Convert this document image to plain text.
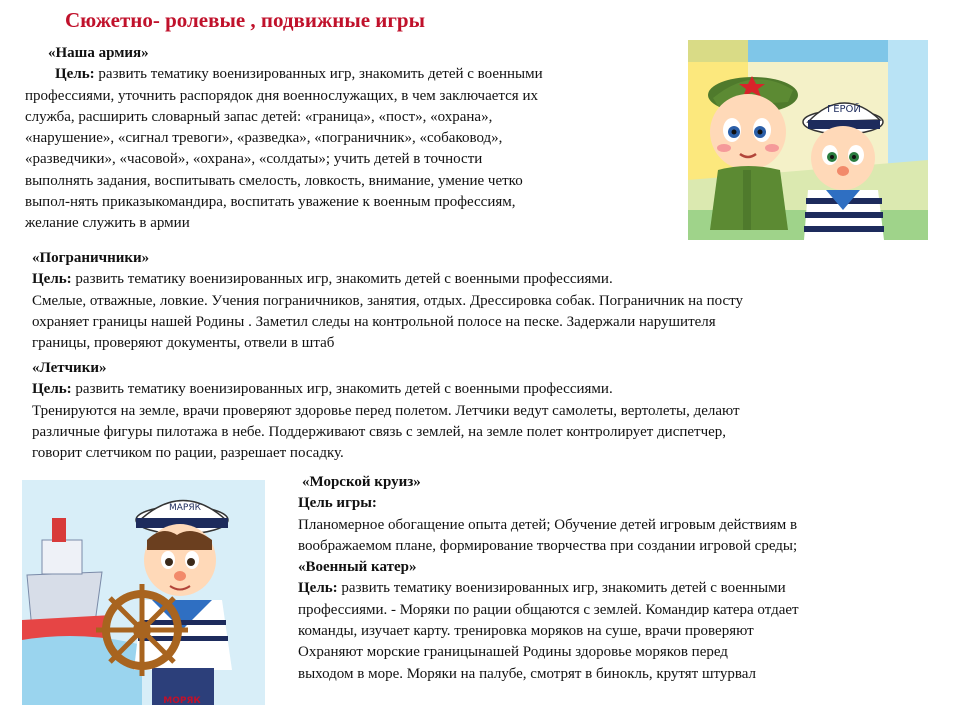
Сюжетно- ролевые , подвижные игры

«Наша армия»

Цель: развить тематику военизированных игр, знакомить детей с военными

профессиями, уточнить распорядок дня военнослужащих, в чем заключается их

служба, расширить словарный запас детей: «граница», «пост», «охрана»,

«нарушение», «сигнал тревоги», «разведка», «пограничник», «собаковод»,

«разведчики», «часовой», «охрана», «солдаты»; учить детей в точности

выполнять задания, воспитывать смелость, ловкость, внимание, умение четко

выпол-нять приказыкомандира, воспитать уважение к военным профессиям,

желание служить в армии

«Пограничники»

Цель: развить тематику военизированных игр, знакомить детей с военными профессиями.

Смелые, отважные, ловкие. Учения пограничников, занятия, отдых. Дрессировка собак. Пограничник на посту

охраняет границы нашей Родины . Заметил следы на контрольной полосе на песке. Задержали нарушителя

границы, проверяют документы, отвели в штаб

«Летчики»

Цель: развить тематику военизированных игр, знакомить детей с военными профессиями.

Тренируются на земле, врачи проверяют здоровье перед полетом. Летчики ведут самолеты, вертолеты, делают

различные фигуры пилотажа в небе. Поддерживают связь с землей, на земле полет контролирует диспетчер,

говорит слетчиком по рации, разрешает посадку.

«Морской круиз»

Цель игры:

Планомерное обогащение опыта детей; Обучение детей игровым действиям в

воображаемом плане, формирование творчества при создании игровой среды;

«Военный катер»

Цель: развить тематику военизированных игр, знакомить детей с военными

профессиями. - Моряки по рации общаются с землей. Командир катера отдает

команды, изучает карту. тренировка моряков на суше, врачи проверяют

Охраняют морские границынашей Родины здоровье моряков перед

выходом в море. Моряки на палубе, смотрят в бинокль, крутят штурвал

ГЕРОЙ
МАРЯК
МОРЯК
